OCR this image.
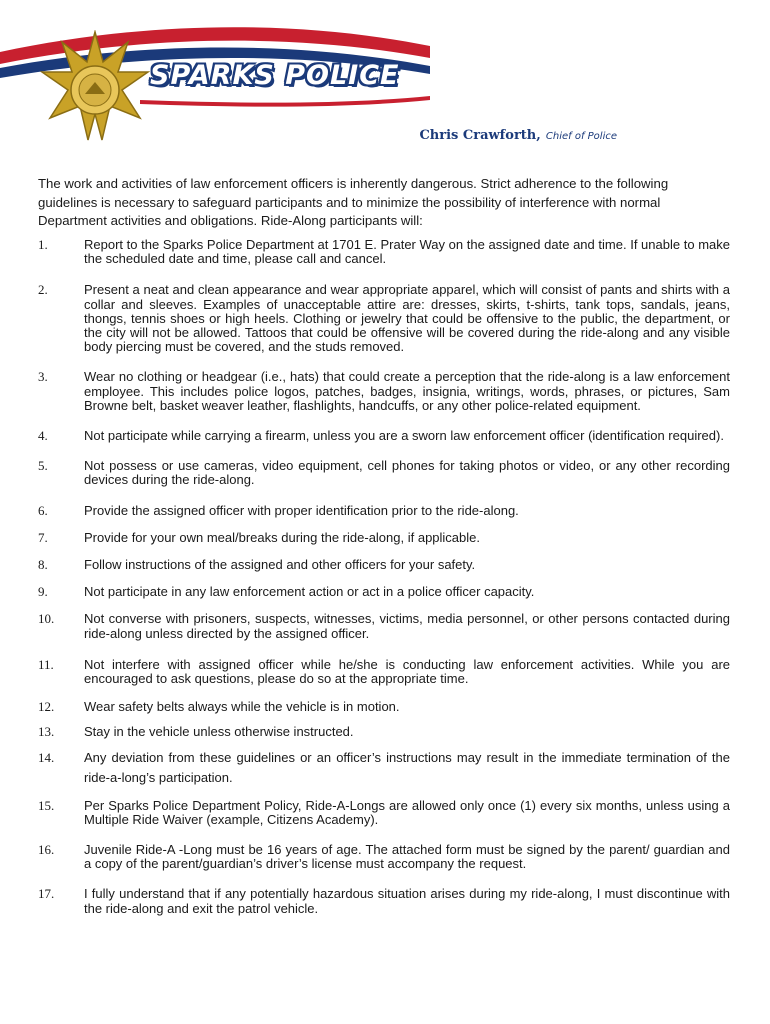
SPARKS POLICE
Chris Crawforth, Chief of Police

The work and activities of law enforcement officers is inherently dangerous. Strict adherence to the following guidelines is necessary to safeguard participants and to minimize the possibility of interference with normal Department activities and obligations. Ride-Along participants will:

1.	Report to the Sparks Police Department at 1701 E. Prater Way on the assigned date and time. If unable to make the scheduled date and time, please call and cancel.
2.	Present a neat and clean appearance and wear appropriate apparel, which will consist of pants and shirts with a collar and sleeves. Examples of unacceptable attire are: dresses, skirts, t-shirts, tank tops, sandals, jeans, thongs, tennis shoes or high heels. Clothing or jewelry that could be offensive to the public, the department, or the city will not be allowed. Tattoos that could be offensive will be covered during the ride-along and any visible body piercing must be covered, and the studs removed.
3.	Wear no clothing or headgear (i.e., hats) that could create a perception that the ride-along is a law enforcement employee. This includes police logos, patches, badges, insignia, writings, words, phrases, or pictures, Sam Browne belt, basket weaver leather, flashlights, handcuffs, or any other police-related equipment.
4.	Not participate while carrying a firearm, unless you are a sworn law enforcement officer (identification required).
5.	Not possess or use cameras, video equipment, cell phones for taking photos or video, or any other recording devices during the ride-along.
6.	Provide the assigned officer with proper identification prior to the ride-along.
7.	Provide for your own meal/breaks during the ride-along, if applicable.
8.	Follow instructions of the assigned and other officers for your safety.
9.	Not participate in any law enforcement action or act in a police officer capacity.
10. Not converse with prisoners, suspects, witnesses, victims, media personnel, or other persons contacted during ride-along unless directed by the assigned officer.
11. Not interfere with assigned officer while he/she is conducting law enforcement activities. While you are encouraged to ask questions, please do so at the appropriate time.
12. Wear safety belts always while the vehicle is in motion.
13. Stay in the vehicle unless otherwise instructed.
14. Any deviation from these guidelines or an officer’s instructions may result in the immediate termination of the ride-a-long’s participation.
15. Per Sparks Police Department Policy, Ride-A-Longs are allowed only once (1) every six months, unless using a Multiple Ride Waiver (example, Citizens Academy).
16. Juvenile Ride-A -Long must be 16 years of age. The attached form must be signed by the parent/ guardian and a copy of the parent/guardian’s driver’s license must accompany the request.
17. I fully understand that if any potentially hazardous situation arises during my ride-along, I must discontinue with the ride-along and exit the patrol vehicle.
